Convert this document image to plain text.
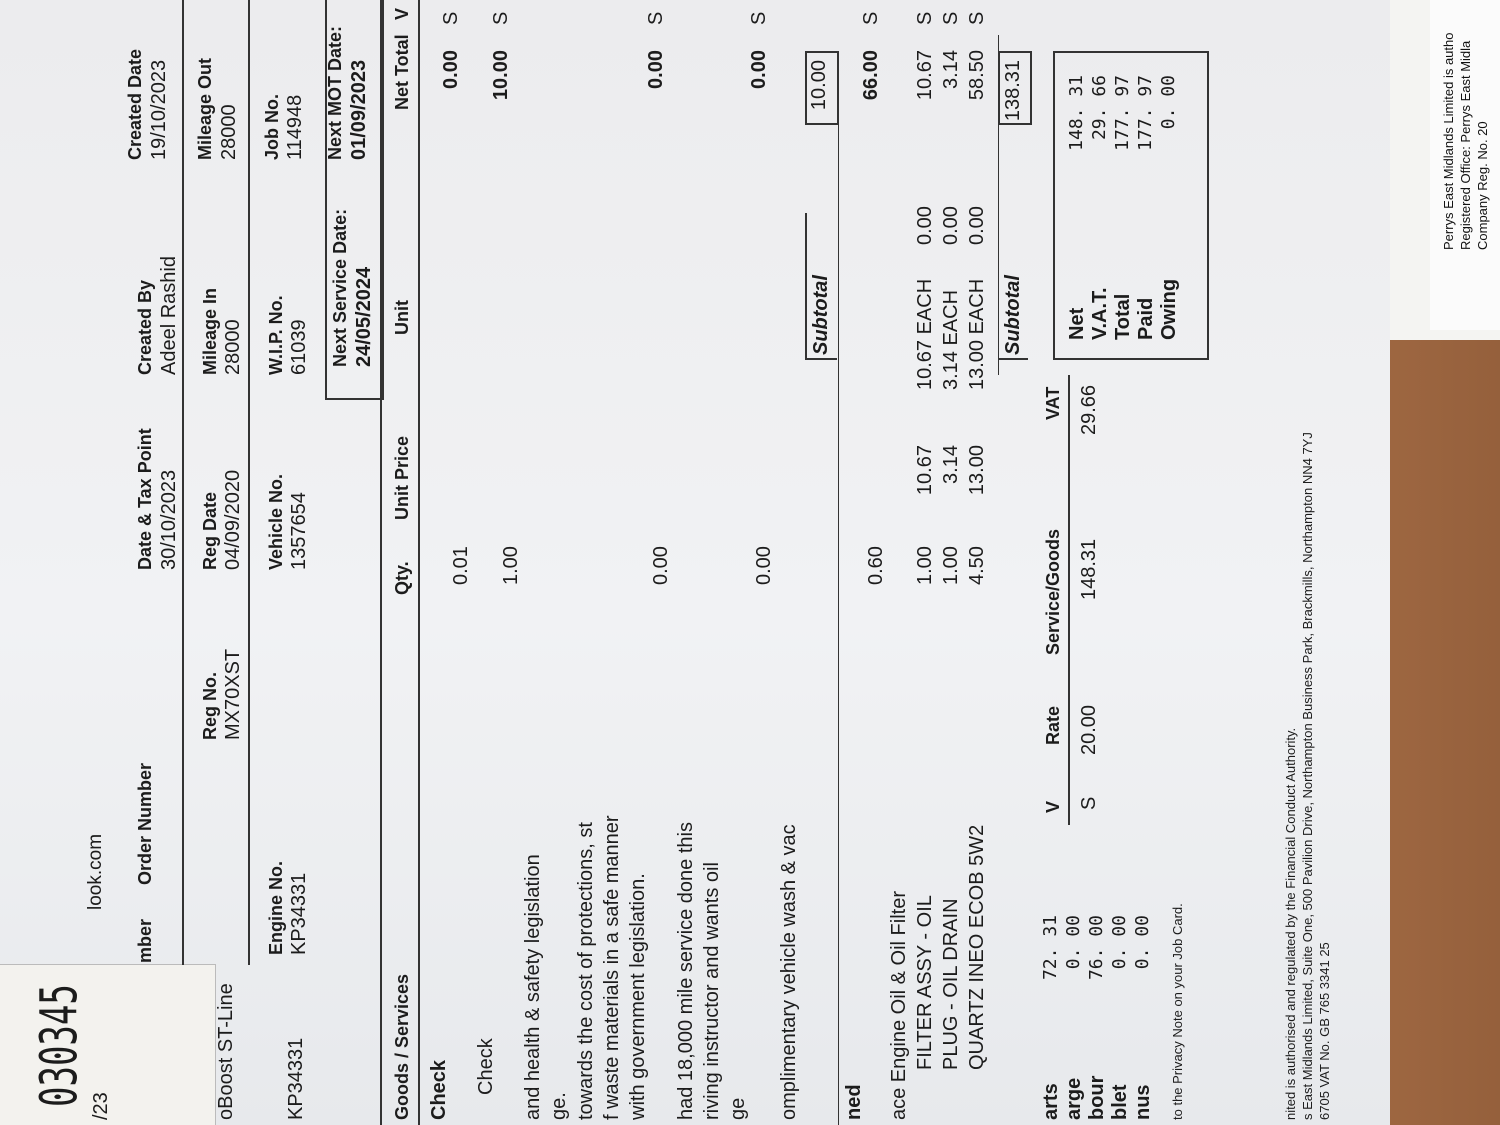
Perrys East Midlands Limited is autho Registered Office: Perrys East Midla Company Reg. No. 20
030345 /23
look.com
mber
Order Number
Date & Tax Point 30/10/2023
Created By Adeel Rashid
Created Date 19/10/2023
oBoost ST-Line
Reg No. MX70XST
Reg Date 04/09/2020
Mileage In 28000
Mileage Out 28000
KP34331
Engine No. KP34331
Vehicle No. 1357654
W.I.P. No. 61039
Job No. 114948
Next Service Date: 24/05/2024
Next MOT Date: 01/09/2023
Goods / Services
Qty.
Unit Price
Unit
Net Total
V
Check
0.01
0.00
S
Check
1.00
10.00
S
and health & safety legislation ge. towards the cost of protections, st f waste materials in a safe manner with government legislation.
0.00
0.00
S
had 18,000 mile service done this riving instructor and wants oil ge omplimentary vehicle wash & vac
0.00
0.00
S
Subtotal
10.00
ned ace Engine Oil & Oil Filter
0.60
66.00
S
FILTER ASSY - OIL
1.00
10.67
10.67 EACH
0.00
10.67
S
PLUG - OIL DRAIN
1.00
3.14
3.14 EACH
0.00
3.14
S
QUARTZ INEO ECOB 5W2
4.50
13.00
13.00 EACH
0.00
58.50
S
Subtotal
138.31
arts
72. 31
arge
0. 00
bour
76. 00
blet
0. 00
nus
0. 00
V
Rate
Service/Goods
VAT
S
20.00
148.31
29.66
Net
148. 31
V.A.T.
29. 66
Total
177. 97
Paid
177. 97
Owing
0. 00
to the Privacy Note on your Job Card.	nited is authorised and regulated by the Financial Conduct Authority. s East Midlands Limited, Suite One, 500 Pavilion Drive, Northampton Business Park, Brackmills, Northampton NN4 7YJ 6705 VAT No. GB 765 3341 25
